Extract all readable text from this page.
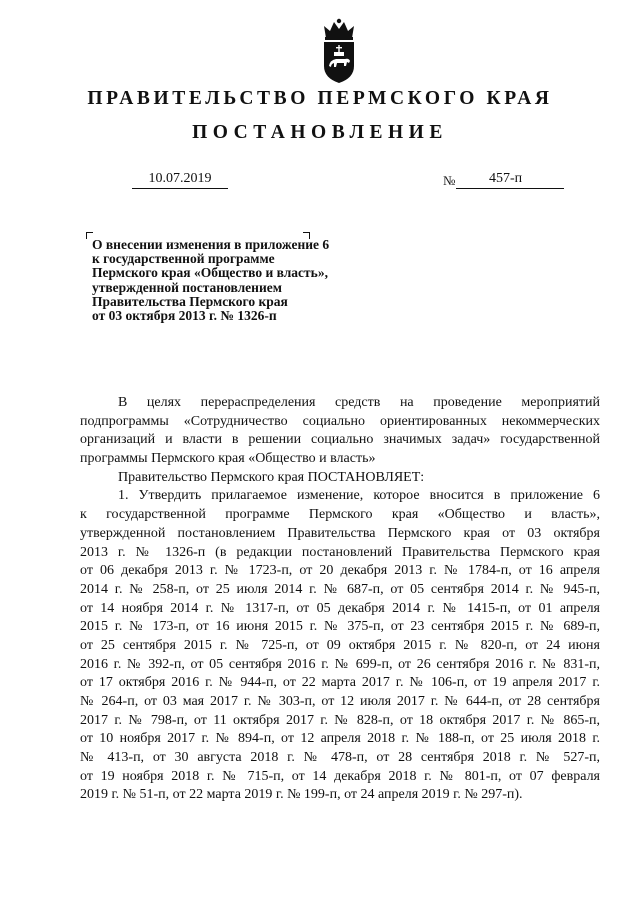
ПРАВИТЕЛЬСТВО ПЕРМСКОГО КРАЯ
ПОСТАНОВЛЕНИЕ
10.07.2019	№	457-п
О внесении изменения в приложение 6
к государственной программе
Пермского края «Общество и власть»,
утвержденной постановлением
Правительства Пермского края
от 03 октября 2013 г. № 1326-п
В целях перераспределения средств на проведение мероприятий
подпрограммы «Сотрудничество социально ориентированных некоммерческих
организаций и власти в решении социально значимых задач» государственной
программы Пермского края «Общество и власть»
Правительство Пермского края ПОСТАНОВЛЯЕТ:
1. Утвердить прилагаемое изменение, которое вносится в приложение 6
к государственной программе Пермского края «Общество и власть»,
утвержденной постановлением Правительства Пермского края от 03 октября
2013 г. № 1326-п (в редакции постановлений Правительства Пермского края
от 06 декабря 2013 г. № 1723-п, от 20 декабря 2013 г. № 1784-п, от 16 апреля
2014 г. № 258-п, от 25 июля 2014 г. № 687-п, от 05 сентября 2014 г. № 945-п,
от 14 ноября 2014 г. № 1317-п, от 05 декабря 2014 г. № 1415-п, от 01 апреля
2015 г. № 173-п, от 16 июня 2015 г. № 375-п, от 23 сентября 2015 г. № 689-п,
от 25 сентября 2015 г. № 725-п, от 09 октября 2015 г. № 820-п, от 24 июня
2016 г. № 392-п, от 05 сентября 2016 г. № 699-п, от 26 сентября 2016 г. № 831-п,
от 17 октября 2016 г. № 944-п, от 22 марта 2017 г. № 106-п, от 19 апреля 2017 г.
№ 264-п, от 03 мая 2017 г. № 303-п, от 12 июля 2017 г. № 644-п, от 28 сентября
2017 г. № 798-п, от 11 октября 2017 г. № 828-п, от 18 октября 2017 г. № 865-п,
от 10 ноября 2017 г. № 894-п, от 12 апреля 2018 г. № 188-п, от 25 июля 2018 г.
№ 413-п, от 30 августа 2018 г. № 478-п, от 28 сентября 2018 г. № 527-п,
от 19 ноября 2018 г. № 715-п, от 14 декабря 2018 г. № 801-п, от 07 февраля
2019 г. № 51-п, от 22 марта 2019 г. № 199-п, от 24 апреля 2019 г. № 297-п).
